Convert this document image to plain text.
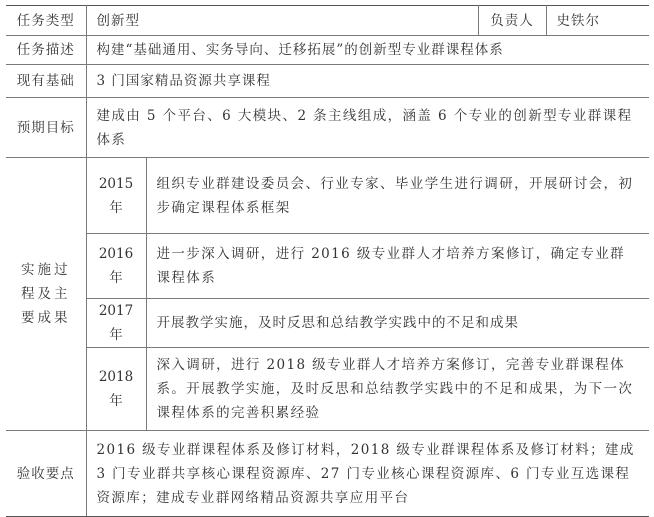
任务类型	创新型		负责人	史铁尔
任务描述	构建“基础通用、实务导向、迁移拓展”的创新型专业群课程体系			
现有基础	3 门国家精品资源共享课程			
预期目标	建成由 5 个平台、6 大模块、2 条主线组成，涵盖 6 个专业的创新型专业群课程体系			
实施过程及主要成果	2015 年	组织专业群建设委员会、行业专家、毕业学生进行调研，开展研讨会，初步确定课程体系框架		
	2016 年	进一步深入调研，进行 2016 级专业群人才培养方案修订，确定专业群课程体系		
	2017 年	开展教学实施，及时反思和总结教学实践中的不足和成果		
	2018 年	深入调研，进行 2018 级专业群人才培养方案修订，完善专业群课程体系。开展教学实施，及时反思和总结教学实践中的不足和成果，为下一次课程体系的完善积累经验		
验收要点	2016 级专业群课程体系及修订材料，2018 级专业群课程体系及修订材料；建成 3 门专业群共享核心课程资源库、27 门专业核心课程资源库、6 门专业互选课程资源库；建成专业群网络精品资源共享应用平台			
